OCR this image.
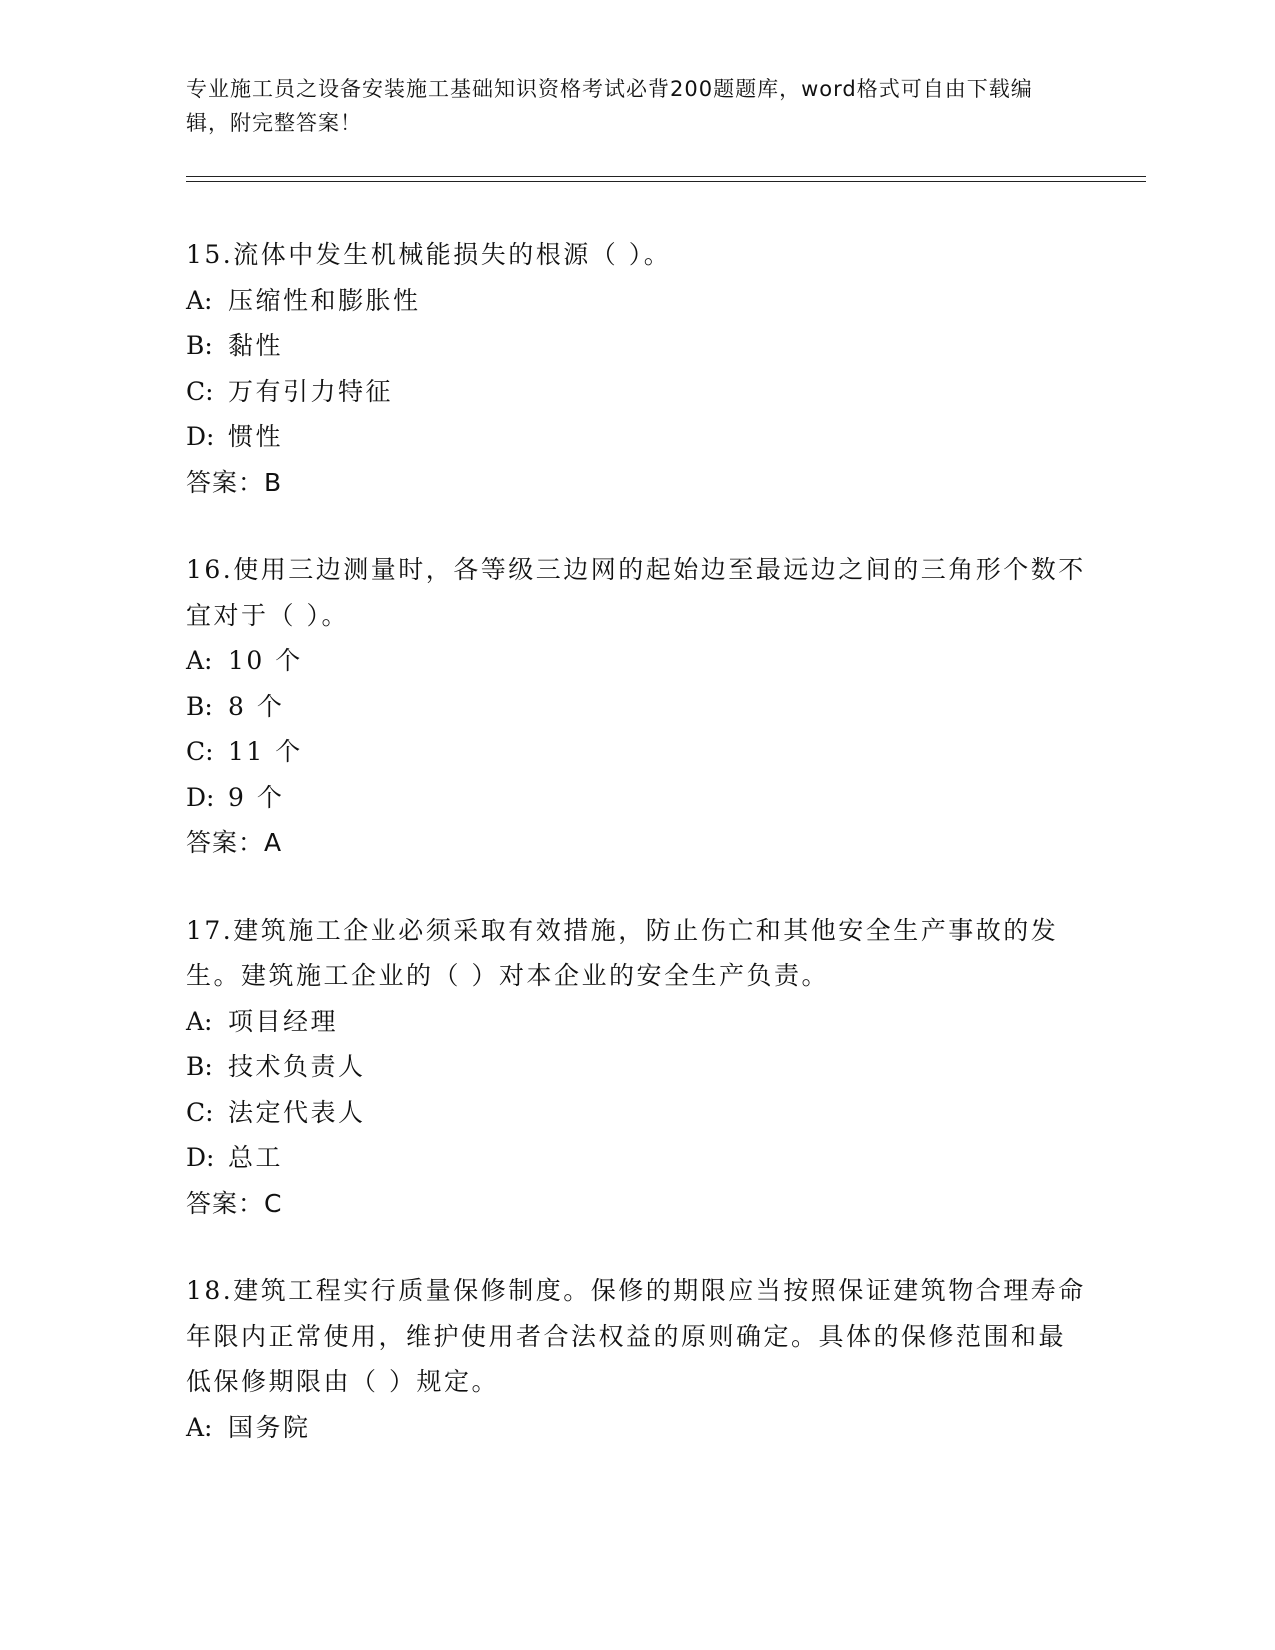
专业施工员之设备安装施工基础知识资格考试必背200题题库，word格式可自由下载编辑，附完整答案！
15.流体中发生机械能损失的根源（ ）。
A: 压缩性和膨胀性
B: 黏性
C: 万有引力特征
D: 惯性
答案：B
16.使用三边测量时，各等级三边网的起始边至最远边之间的三角形个数不宜对于（ ）。
A: 10 个
B: 8 个
C: 11 个
D: 9 个
答案：A
17.建筑施工企业必须采取有效措施，防止伤亡和其他安全生产事故的发生。建筑施工企业的（ ）对本企业的安全生产负责。
A: 项目经理
B: 技术负责人
C: 法定代表人
D: 总工
答案：C
18.建筑工程实行质量保修制度。保修的期限应当按照保证建筑物合理寿命年限内正常使用，维护使用者合法权益的原则确定。具体的保修范围和最低保修期限由（ ）规定。
A: 国务院
